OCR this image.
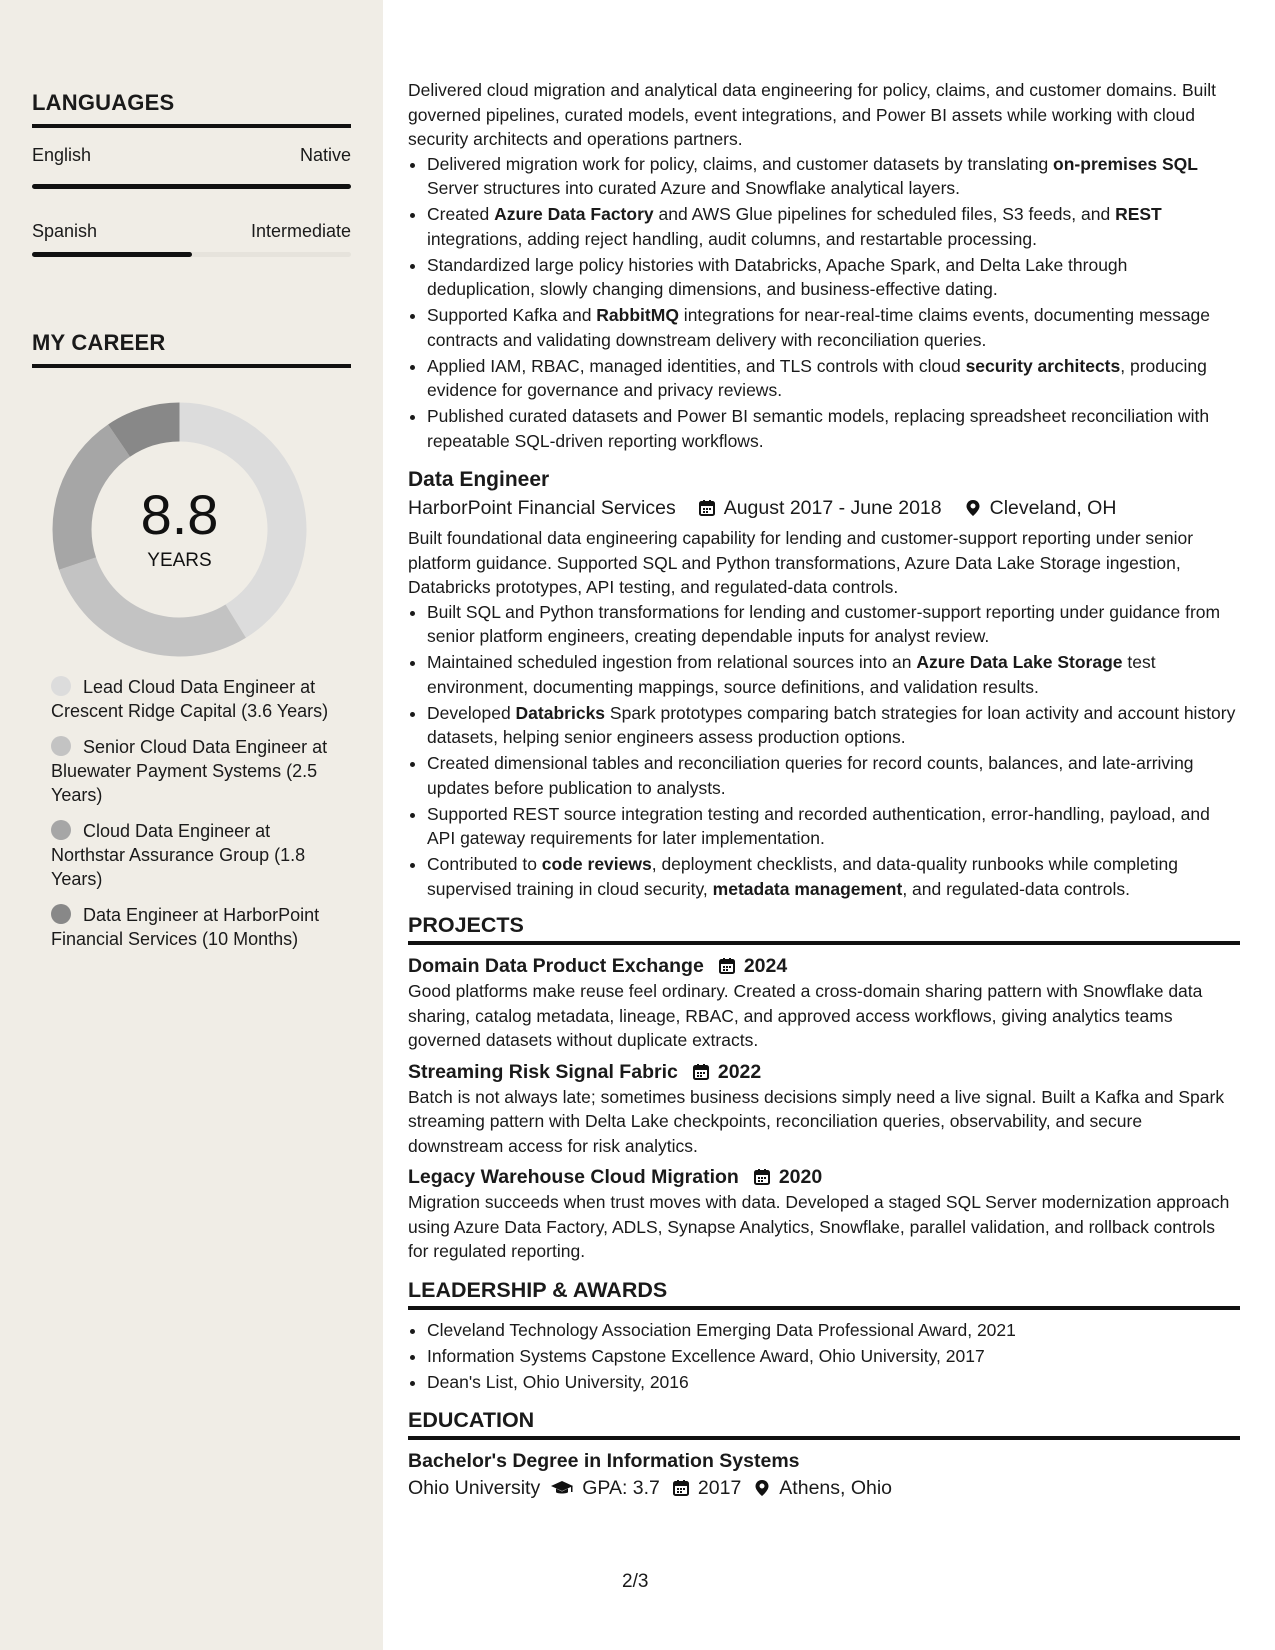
LANGUAGES
English	Native
Spanish	Intermediate
MY CAREER
8.8
YEARS
Lead Cloud Data Engineer at Crescent Ridge Capital (3.6 Years)
Senior Cloud Data Engineer at Bluewater Payment Systems (2.5 Years)
Cloud Data Engineer at Northstar Assurance Group (1.8 Years)
Data Engineer at HarborPoint Financial Services (10 Months)

Delivered cloud migration and analytical data engineering for policy, claims, and customer domains. Built governed pipelines, curated models, event integrations, and Power BI assets while working with cloud security architects and operations partners.

• Delivered migration work for policy, claims, and customer datasets by translating on-premises SQL Server structures into curated Azure and Snowflake analytical layers.
• Created Azure Data Factory and AWS Glue pipelines for scheduled files, S3 feeds, and REST integrations, adding reject handling, audit columns, and restartable processing.
• Standardized large policy histories with Databricks, Apache Spark, and Delta Lake through deduplication, slowly changing dimensions, and business-effective dating.
• Supported Kafka and RabbitMQ integrations for near-real-time claims events, documenting message contracts and validating downstream delivery with reconciliation queries.
• Applied IAM, RBAC, managed identities, and TLS controls with cloud security architects, producing evidence for governance and privacy reviews.
• Published curated datasets and Power BI semantic models, replacing spreadsheet reconciliation with repeatable SQL-driven reporting workflows.
Data Engineer
HarborPoint Financial Services August 2017 - June 2018 Cleveland, OH

Built foundational data engineering capability for lending and customer-support reporting under senior platform guidance. Supported SQL and Python transformations, Azure Data Lake Storage ingestion, Databricks prototypes, API testing, and regulated-data controls.

• Built SQL and Python transformations for lending and customer-support reporting under guidance from senior platform engineers, creating dependable inputs for analyst review.
• Maintained scheduled ingestion from relational sources into an Azure Data Lake Storage test environment, documenting mappings, source definitions, and validation results.
• Developed Databricks Spark prototypes comparing batch strategies for loan activity and account history datasets, helping senior engineers assess production options.
• Created dimensional tables and reconciliation queries for record counts, balances, and late-arriving updates before publication to analysts.
• Supported REST source integration testing and recorded authentication, error-handling, payload, and API gateway requirements for later implementation.
• Contributed to code reviews, deployment checklists, and data-quality runbooks while completing supervised training in cloud security, metadata management, and regulated-data controls.
PROJECTS
Domain Data Product Exchange 2024

Good platforms make reuse feel ordinary. Created a cross-domain sharing pattern with Snowflake data sharing, catalog metadata, lineage, RBAC, and approved access workflows, giving analytics teams governed datasets without duplicate extracts.

Streaming Risk Signal Fabric 2022

Batch is not always late; sometimes business decisions simply need a live signal. Built a Kafka and Spark streaming pattern with Delta Lake checkpoints, reconciliation queries, observability, and secure downstream access for risk analytics.

Legacy Warehouse Cloud Migration 2020

Migration succeeds when trust moves with data. Developed a staged SQL Server modernization approach using Azure Data Factory, ADLS, Synapse Analytics, Snowflake, parallel validation, and rollback controls for regulated reporting.

LEADERSHIP & AWARDS
• Cleveland Technology Association Emerging Data Professional Award, 2021
• Information Systems Capstone Excellence Award, Ohio University, 2017
• Dean's List, Ohio University, 2016
EDUCATION
Bachelor's Degree in Information Systems
Ohio University GPA: 3.7 2017 Athens, Ohio
2/3
